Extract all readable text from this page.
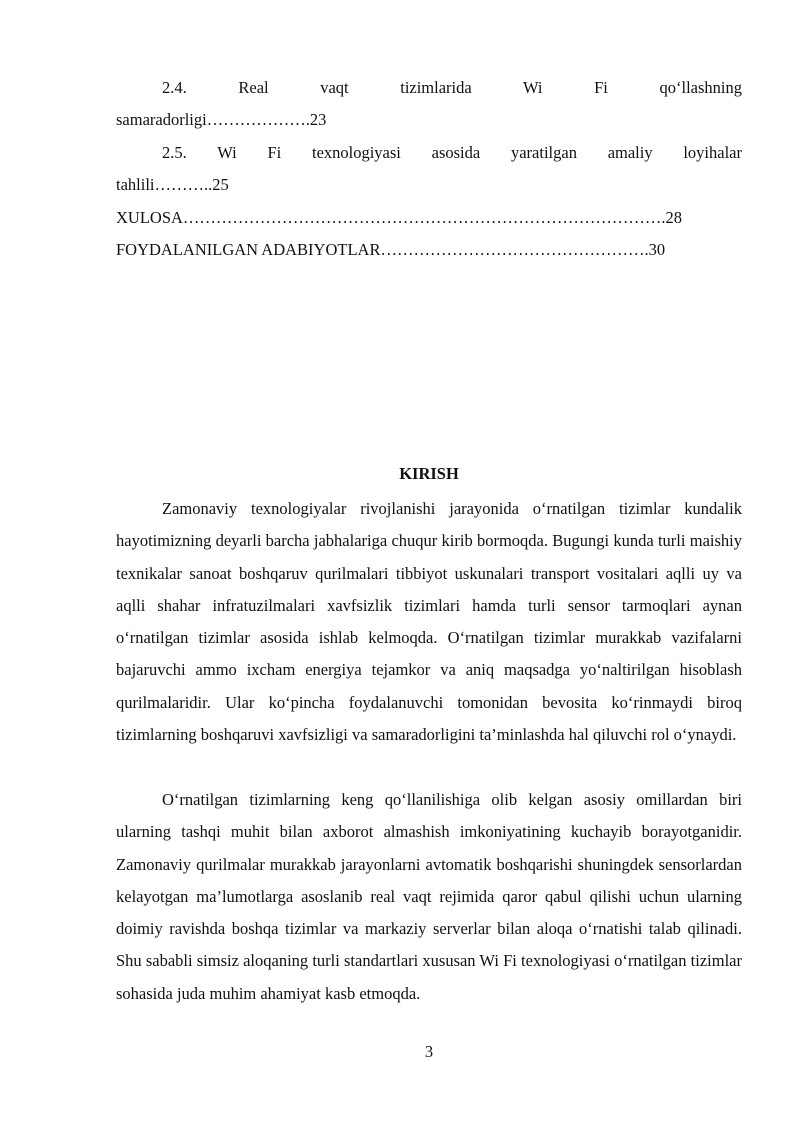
2.4. Real vaqt tizimlarida Wi Fi qo‘llashning
samaradorligi……………….23
2.5. Wi Fi texnologiyasi asosida yaratilgan amaliy loyihalar
tahlili………..25
XULOSA…………………………………………………………………………….28
FOYDALANILGAN ADABIYOTLAR………………………………………….30
KIRISH

Zamonaviy texnologiyalar rivojlanishi jarayonida o‘rnatilgan tizimlar kundalik hayotimizning deyarli barcha jabhalariga chuqur kirib bormoqda. Bugungi kunda turli maishiy texnikalar sanoat boshqaruv qurilmalari tibbiyot uskunalari transport vositalari aqlli uy va aqlli shahar infratuzilmalari xavfsizlik tizimlari hamda turli sensor tarmoqlari aynan o‘rnatilgan tizimlar asosida ishlab kelmoqda. O‘rnatilgan tizimlar murakkab vazifalarni bajaruvchi ammo ixcham energiya tejamkor va aniq maqsadga yo‘naltirilgan hisoblash qurilmalaridir. Ular ko‘pincha foydalanuvchi tomonidan bevosita ko‘rinmaydi biroq tizimlarning boshqaruvi xavfsizligi va samaradorligini ta’minlashda hal qiluvchi rol o‘ynaydi.

O‘rnatilgan tizimlarning keng qo‘llanilishiga olib kelgan asosiy omillardan biri ularning tashqi muhit bilan axborot almashish imkoniyatining kuchayib borayotganidir. Zamonaviy qurilmalar murakkab jarayonlarni avtomatik boshqarishi shuningdek sensorlardan kelayotgan ma’lumotlarga asoslanib real vaqt rejimida qaror qabul qilishi uchun ularning doimiy ravishda boshqa tizimlar va markaziy serverlar bilan aloqa o‘rnatishi talab qilinadi. Shu sababli simsiz aloqaning turli standartlari xususan Wi Fi texnologiyasi o‘rnatilgan tizimlar sohasida juda muhim ahamiyat kasb etmoqda.

3
